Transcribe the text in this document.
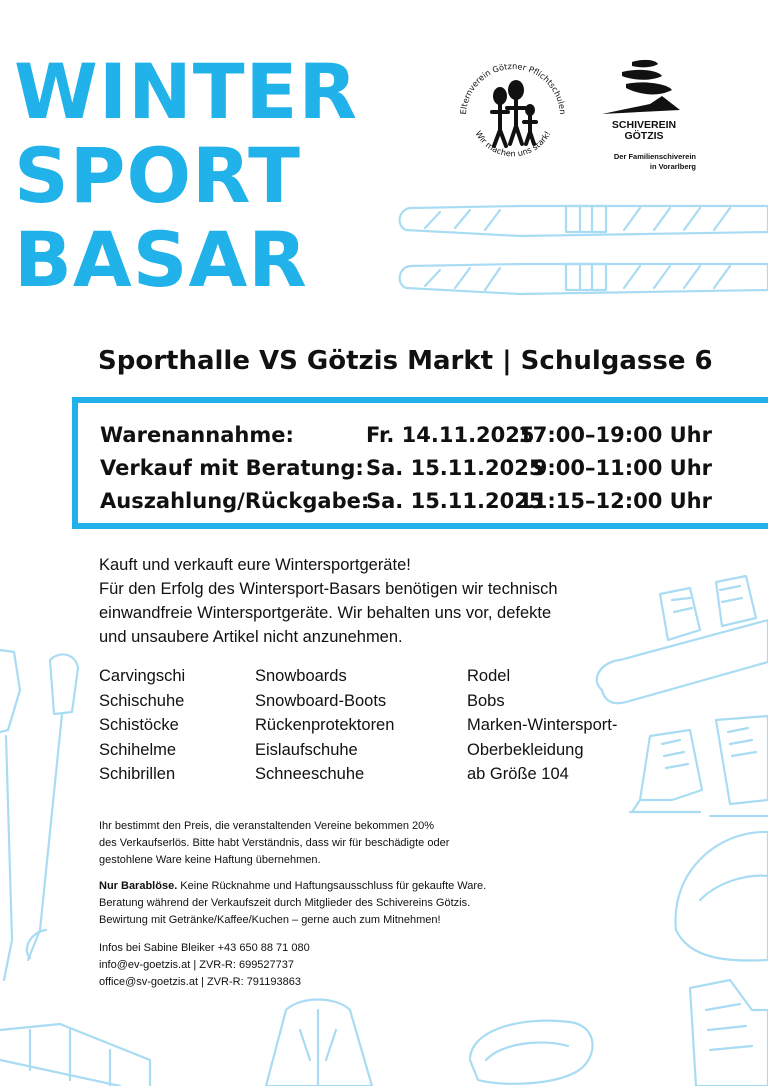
WINTER
SPORT
BASAR
Elternverein Götzner Pflichtschulen
Wir machen uns stark!
SCHIVEREIN
GÖTZIS
Der Familienschiverein
in Vorarlberg
Sporthalle VS Götzis Markt | Schulgasse 6
Warenannahme:	Fr. 14.11.2025
17:00–19:00 Uhr
Verkauf mit Beratung: Sa. 15.11.2025
9:00–11:00 Uhr
Auszahlung/Rückgabe:
Sa. 15.11.2025
11:15–12:00 Uhr

Kauft und verkauft eure Wintersportgeräte!
Für den Erfolg des Wintersport-Basars benötigen wir technisch
einwandfreie Wintersportgeräte. Wir behalten uns vor, defekte
und unsaubere Artikel nicht anzunehmen.

Carvingschi
Schischuhe
Schistöcke
Schihelme
Schibrillen
Snowboards
Snowboard-Boots
Rückenprotektoren
Eislaufschuhe
Schneeschuhe
Rodel
Bobs
Marken-Wintersport-
Oberbekleidung
ab Größe 104

Ihr bestimmt den Preis, die veranstaltenden Vereine bekommen 20%
des Verkaufserlös. Bitte habt Verständnis, dass wir für beschädigte oder
gestohlene Ware keine Haftung übernehmen.

Nur Barablöse. Keine Rücknahme und Haftungsausschluss für gekaufte Ware.
Beratung während der Verkaufszeit durch Mitglieder des Schivereins Götzis.
Bewirtung mit Getränke/Kaffee/Kuchen – gerne auch zum Mitnehmen!

Infos bei Sabine Bleiker +43 650 88 71 080
info@ev-goetzis.at | ZVR-R: 699527737
office@sv-goetzis.at | ZVR-R: 791193863
